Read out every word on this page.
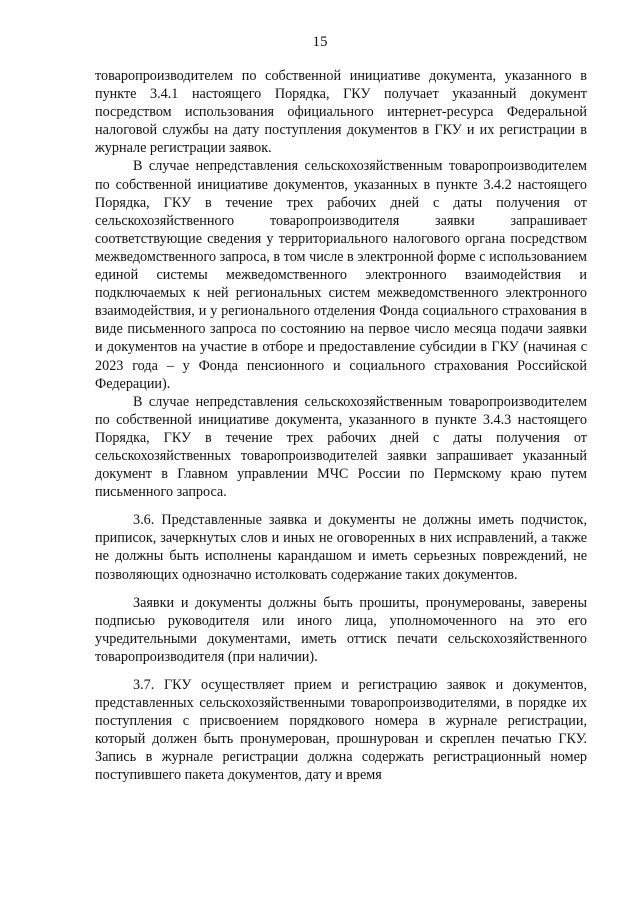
15

товаропроизводителем по собственной инициативе документа, указанного в пункте 3.4.1 настоящего Порядка, ГКУ получает указанный документ посредством использования официального интернет-ресурса Федеральной налоговой службы на дату поступления документов в ГКУ и их регистрации в журнале регистрации заявок.

В случае непредставления сельскохозяйственным товаропроизводителем по собственной инициативе документов, указанных в пункте 3.4.2 настоящего Порядка, ГКУ в течение трех рабочих дней с даты получения от сельскохозяйственного товаропроизводителя заявки запрашивает соответствующие сведения у территориального налогового органа посредством межведомственного запроса, в том числе в электронной форме с использованием единой системы межведомственного электронного взаимодействия и подключаемых к ней региональных систем межведомственного электронного взаимодействия, и у регионального отделения Фонда социального страхования в виде письменного запроса по состоянию на первое число месяца подачи заявки и документов на участие в отборе и предоставление субсидии в ГКУ (начиная с 2023 года – у Фонда пенсионного и социального страхования Российской Федерации).

В случае непредставления сельскохозяйственным товаропроизводителем по собственной инициативе документа, указанного в пункте 3.4.3 настоящего Порядка, ГКУ в течение трех рабочих дней с даты получения от сельскохозяйственных товаропроизводителей заявки запрашивает указанный документ в Главном управлении МЧС России по Пермскому краю путем письменного запроса.

3.6. Представленные заявка и документы не должны иметь подчисток, приписок, зачеркнутых слов и иных не оговоренных в них исправлений, а также не должны быть исполнены карандашом и иметь серьезных повреждений, не позволяющих однозначно истолковать содержание таких документов.

Заявки и документы должны быть прошиты, пронумерованы, заверены подписью руководителя или иного лица, уполномоченного на это его учредительными документами, иметь оттиск печати сельскохозяйственного товаропроизводителя (при наличии).

3.7. ГКУ осуществляет прием и регистрацию заявок и документов, представленных сельскохозяйственными товаропроизводителями, в порядке их поступления с присвоением порядкового номера в журнале регистрации, который должен быть пронумерован, прошнурован и скреплен печатью ГКУ. Запись в журнале регистрации должна содержать регистрационный номер поступившего пакета документов, дату и время
